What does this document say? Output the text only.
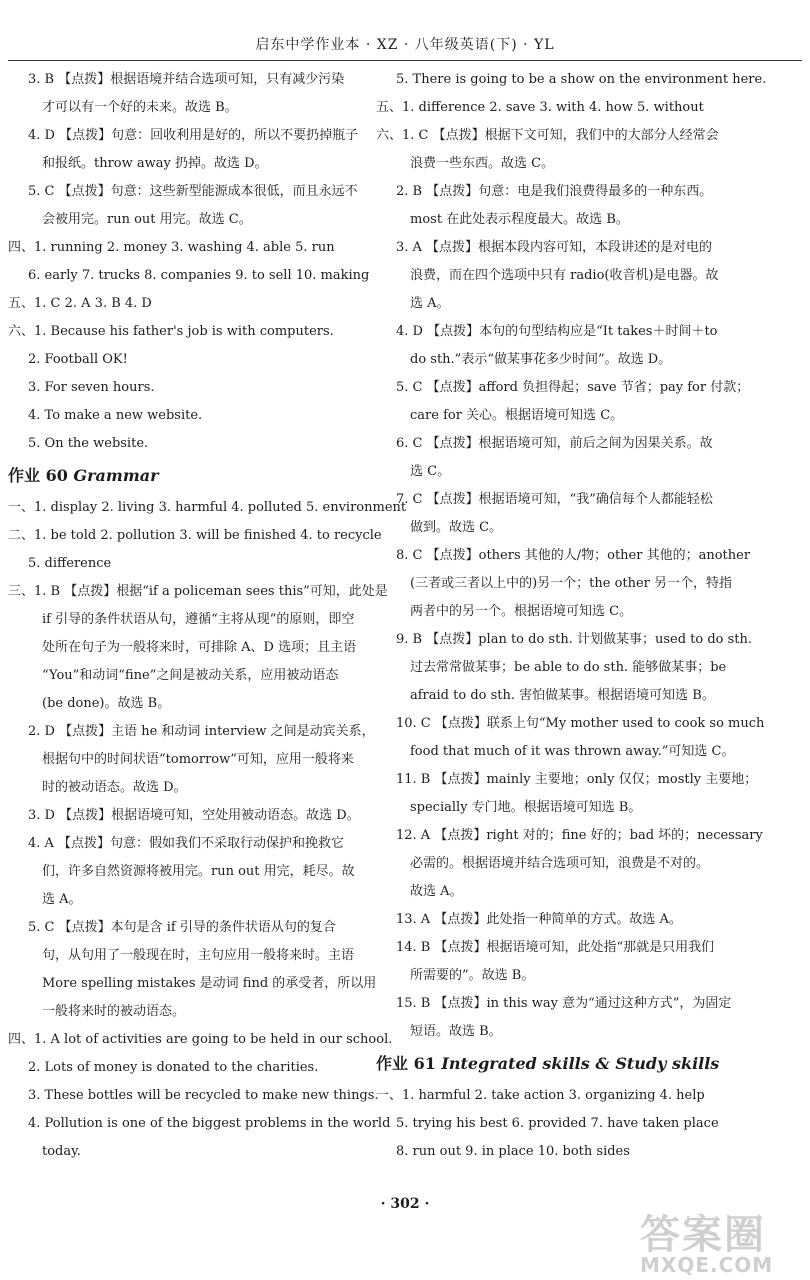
启东中学作业本 · XZ · 八年级英语(下) · YL
3. B 【点拨】根据语境并结合选项可知，只有减少污染
才可以有一个好的未来。故选 B。
4. D 【点拨】句意：回收利用是好的，所以不要扔掉瓶子
和报纸。throw away 扔掉。故选 D。
5. C 【点拨】句意：这些新型能源成本很低，而且永远不
会被用完。run out 用完。故选 C。
四、1. running 2. money 3. washing 4. able 5. run
6. early 7. trucks 8. companies 9. to sell 10. making
五、1. C 2. A 3. B 4. D
六、1. Because his father's job is with computers.
2. Football OK!
3. For seven hours.
4. To make a new website.
5. On the website.
作业 60 Grammar
一、1. display 2. living 3. harmful 4. polluted 5. environment
二、1. be told 2. pollution 3. will be finished 4. to recycle
5. difference
三、1. B 【点拨】根据“if a policeman sees this”可知，此处是
if 引导的条件状语从句，遵循“主将从现”的原则，即空
处所在句子为一般将来时，可排除 A、D 选项；且主语
“You”和动词“fine”之间是被动关系，应用被动语态
(be done)。故选 B。
2. D 【点拨】主语 he 和动词 interview 之间是动宾关系，
根据句中的时间状语“tomorrow”可知，应用一般将来
时的被动语态。故选 D。
3. D 【点拨】根据语境可知，空处用被动语态。故选 D。
4. A 【点拨】句意：假如我们不采取行动保护和挽救它
们，许多自然资源将被用完。run out 用完，耗尽。故
选 A。
5. C 【点拨】本句是含 if 引导的条件状语从句的复合
句，从句用了一般现在时，主句应用一般将来时。主语
More spelling mistakes 是动词 find 的承受者，所以用
一般将来时的被动语态。
四、1. A lot of activities are going to be held in our school.
2. Lots of money is donated to the charities.
3. These bottles will be recycled to make new things.
4. Pollution is one of the biggest problems in the world
today.
5. There is going to be a show on the environment here.
五、1. difference 2. save 3. with 4. how 5. without
六、1. C 【点拨】根据下文可知，我们中的大部分人经常会
浪费一些东西。故选 C。
2. B 【点拨】句意：电是我们浪费得最多的一种东西。
most 在此处表示程度最大。故选 B。
3. A 【点拨】根据本段内容可知，本段讲述的是对电的
浪费，而在四个选项中只有 radio(收音机)是电器。故
选 A。
4. D 【点拨】本句的句型结构应是“It takes＋时间＋to
do sth.”表示“做某事花多少时间”。故选 D。
5. C 【点拨】afford 负担得起；save 节省；pay for 付款；
care for 关心。根据语境可知选 C。
6. C 【点拨】根据语境可知，前后之间为因果关系。故
选 C。
7. C 【点拨】根据语境可知，“我”确信每个人都能轻松
做到。故选 C。
8. C 【点拨】others 其他的人/物；other 其他的；another
(三者或三者以上中的)另一个；the other 另一个，特指
两者中的另一个。根据语境可知选 C。
9. B 【点拨】plan to do sth. 计划做某事；used to do sth.
过去常常做某事；be able to do sth. 能够做某事；be
afraid to do sth. 害怕做某事。根据语境可知选 B。
10. C 【点拨】联系上句“My mother used to cook so much
food that much of it was thrown away.”可知选 C。
11. B 【点拨】mainly 主要地；only 仅仅；mostly 主要地；
specially 专门地。根据语境可知选 B。
12. A 【点拨】right 对的；fine 好的；bad 坏的；necessary
必需的。根据语境并结合选项可知，浪费是不对的。
故选 A。
13. A 【点拨】此处指一种简单的方式。故选 A。
14. B 【点拨】根据语境可知，此处指“那就是只用我们
所需要的”。故选 B。
15. B 【点拨】in this way 意为“通过这种方式”，为固定
短语。故选 B。
作业 61 Integrated skills & Study skills
一、1. harmful 2. take action 3. organizing 4. help
5. trying his best 6. provided 7. have taken place
8. run out 9. in place 10. both sides
· 302 ·
答案圈
MXQE.COM
